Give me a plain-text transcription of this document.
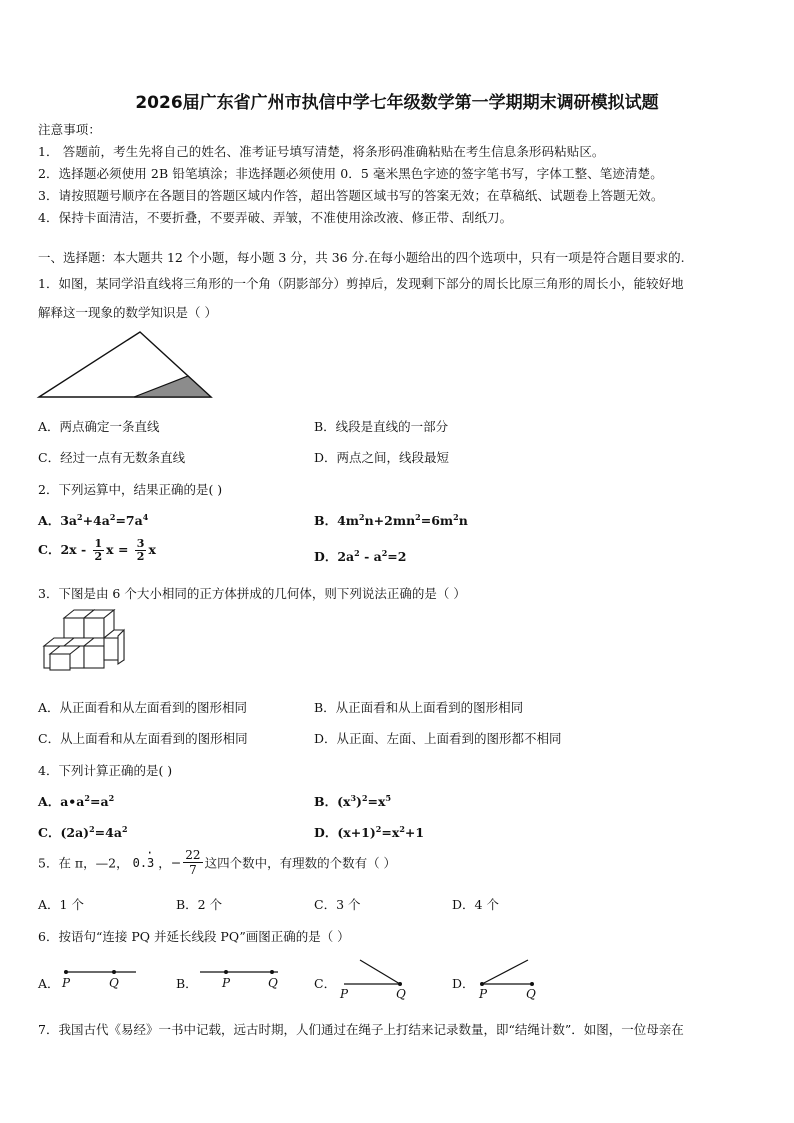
2026届广东省广州市执信中学七年级数学第一学期期末调研模拟试题
注意事项：
1． 答题前，考生先将自己的姓名、准考证号填写清楚，将条形码准确粘贴在考生信息条形码粘贴区。
2．选择题必须使用 2B 铅笔填涂；非选择题必须使用 0．5 毫米黑色字迹的签字笔书写，字体工整、笔迹清楚。
3．请按照题号顺序在各题目的答题区域内作答，超出答题区域书写的答案无效；在草稿纸、试题卷上答题无效。
4．保持卡面清洁，不要折叠，不要弄破、弄皱，不准使用涂改液、修正带、刮纸刀。
一、选择题：本大题共 12 个小题，每小题 3 分，共 36 分.在每小题给出的四个选项中，只有一项是符合题目要求的.
1．如图，某同学沿直线将三角形的一个角（阴影部分）剪掉后，发现剩下部分的周长比原三角形的周长小，能较好地
解释这一现象的数学知识是（ ）
A．两点确定一条直线	B．线段是直线的一部分
C．经过一点有无数条直线	D．两点之间，线段最短
2．下列运算中，结果正确的是( )
A．$3a^2+4a^2=7a^4$	B．$4m^2n+2mn^2=6m^2n$
C．$2x - \frac{1}{2}$ $x = \frac{3}{2}$ x	D．$2a^2 - a^2=2$
3．下图是由 6 个大小相同的正方体拼成的几何体，则下列说法正确的是（ ）
A．从正面看和从左面看到的图形相同	B．从正面看和从上面看到的图形相同
C．从上面看和从左面看到的图形相同	D．从正面、左面、上面看到的图形都不相同
4．下列计算正确的是( )
A．$a•a^2=a^2$	B．$(x^3)^2=x^5$
C．$(2a)^2=4a^2$	D．$(x+1)^2=x^2+1$
5．在 π，—2， 0.3
·
，− $\frac{22}{7}$ 这四个数中，有理数的个数有（ ）
A．1 个	B．2 个	C．3 个	D．4 个
6．按语句“连接 PQ 并延长线段 PQ”画图正确的是（ ）
A． P	Q	B． P	Q	C．
P	Q
D．
P	Q
7．我国古代《易经》一书中记载，远古时期，人们通过在绳子上打结来记录数量，即“结绳计数”．如图，一位母亲在
